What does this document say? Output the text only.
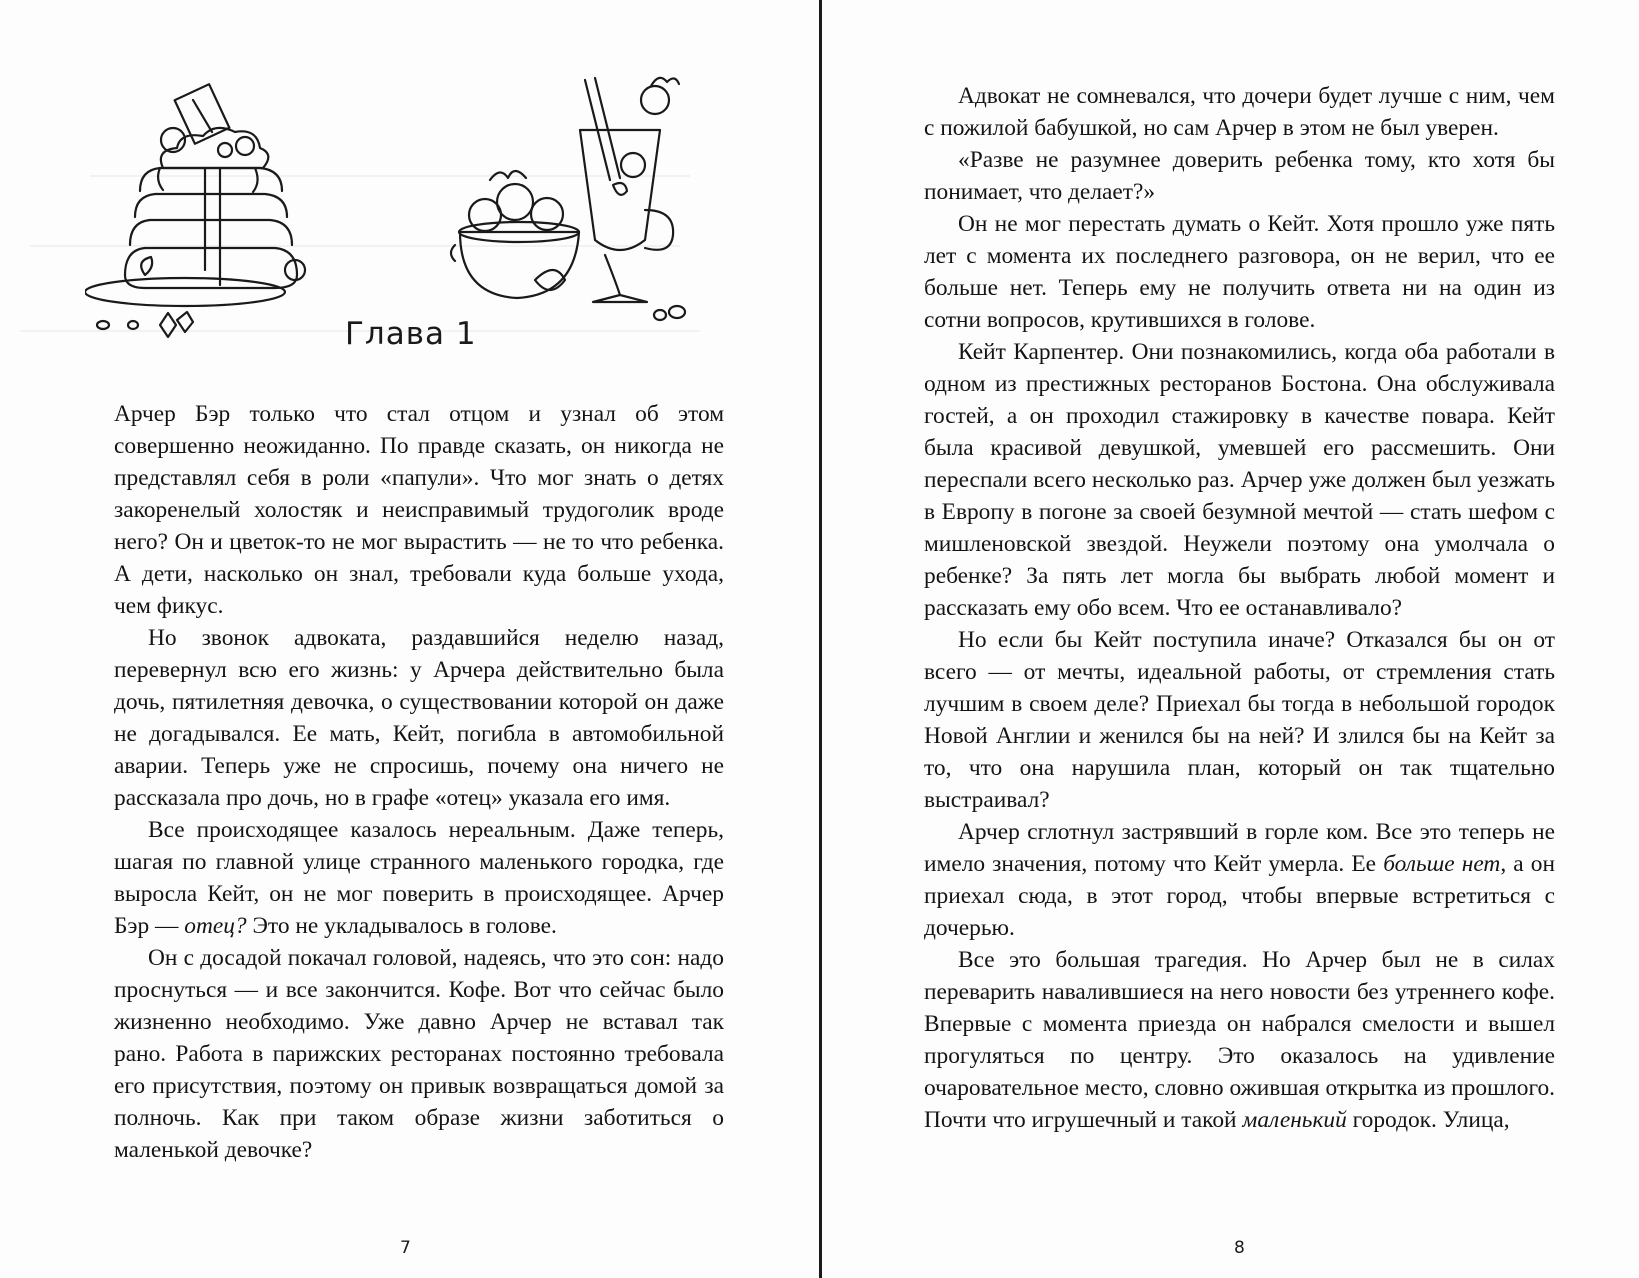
Глава 1

Арчер Бэр только что стал отцом и узнал об этом совершенно неожиданно. По правде сказать, он никогда не представлял себя в роли «папули». Что мог знать о детях закоренелый холостяк и неисправимый трудоголик вроде него? Он и цветок-то не мог вырастить — не то что ребенка. А дети, насколько он знал, требовали куда больше ухода, чем фикус.

Но звонок адвоката, раздавшийся неделю назад, перевернул всю его жизнь: у Арчера действительно была дочь, пятилетняя девочка, о существовании которой он даже не догадывался. Ее мать, Кейт, погибла в автомобильной аварии. Теперь уже не спросишь, почему она ничего не рассказала про дочь, но в графе «отец» указала его имя.

Все происходящее казалось нереальным. Даже теперь, шагая по главной улице странного маленького городка, где выросла Кейт, он не мог поверить в происходящее. Арчер Бэр — отец? Это не укладывалось в голове.

Он с досадой покачал головой, надеясь, что это сон: надо проснуться — и все закончится. Кофе. Вот что сейчас было жизненно необходимо. Уже давно Арчер не вставал так рано. Работа в парижских ресторанах постоянно требовала его присутствия, поэтому он привык возвращаться домой за полночь. Как при таком образе жизни заботиться о маленькой девочке?

7

Адвокат не сомневался, что дочери будет лучше с ним, чем с пожилой бабушкой, но сам Арчер в этом не был уверен.

«Разве не разумнее доверить ребенка тому, кто хотя бы понимает, что делает?»

Он не мог перестать думать о Кейт. Хотя прошло уже пять лет с момента их последнего разговора, он не верил, что ее больше нет. Теперь ему не получить ответа ни на один из сотни вопросов, крутившихся в голове.

Кейт Карпентер. Они познакомились, когда оба работали в одном из престижных ресторанов Бостона. Она обслуживала гостей, а он проходил стажировку в качестве повара. Кейт была красивой девушкой, умевшей его рассмешить. Они переспали всего несколько раз. Арчер уже должен был уезжать в Европу в погоне за своей безумной мечтой — стать шефом с мишленовской звездой. Неужели поэтому она умолчала о ребенке? За пять лет могла бы выбрать любой момент и рассказать ему обо всем. Что ее останавливало?

Но если бы Кейт поступила иначе? Отказался бы он от всего — от мечты, идеальной работы, от стремления стать лучшим в своем деле? Приехал бы тогда в небольшой городок Новой Англии и женился бы на ней? И злился бы на Кейт за то, что она нарушила план, который он так тщательно выстраивал?

Арчер сглотнул застрявший в горле ком. Все это теперь не имело значения, потому что Кейт умерла. Ее больше нет, а он приехал сюда, в этот город, чтобы впервые встретиться с дочерью.

Все это большая трагедия. Но Арчер был не в силах переварить навалившиеся на него новости без утреннего кофе. Впервые с момента приезда он набрался смелости и вышел прогуляться по центру. Это оказалось на удивление очаровательное место, словно ожившая открытка из прошлого. Почти что игрушечный и такой маленький городок. Улица,

8
